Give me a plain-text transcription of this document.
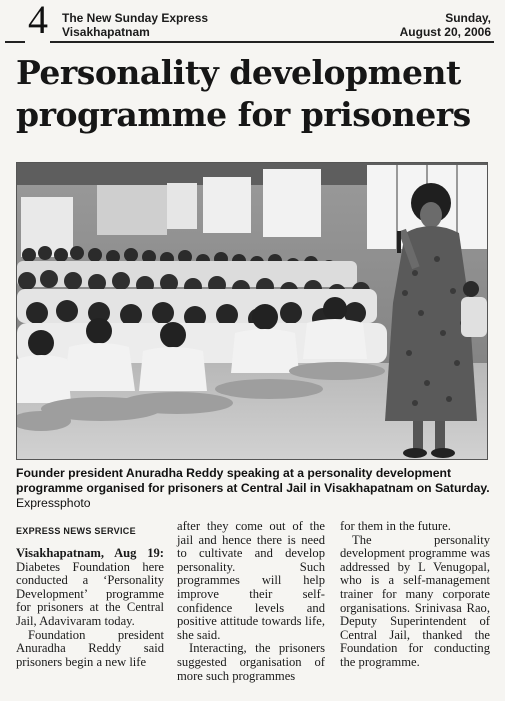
4 The New Sunday Express
Visakhapatnam
Sunday,
August 20, 2006
Personality development programme for prisoners
Founder president Anuradha Reddy speaking at a personality development programme organised for prisoners at Central Jail in Visakhapatnam on Saturday. Expressphoto
EXPRESS NEWS SERVICE

Visakhapatnam, Aug 19: Diabetes Foundation here conducted a ‘Personality Development’ programme for prisoners at the Central Jail, Adavivaram today.

Foundation president Anuradha Reddy said prisoners begin a new life

after they come out of the jail and hence there is need to cultivate and develop personality. Such programmes will help improve their self-confidence levels and positive attitude towards life, she said.

Interacting, the prisoners suggested organisation of more such programmes

for them in the future.

The personality development programme was addressed by L Venugopal, who is a self-management trainer for many corporate organisations. Srinivasa Rao, Deputy Superintendent of Central Jail, thanked the Foundation for conducting the programme.
